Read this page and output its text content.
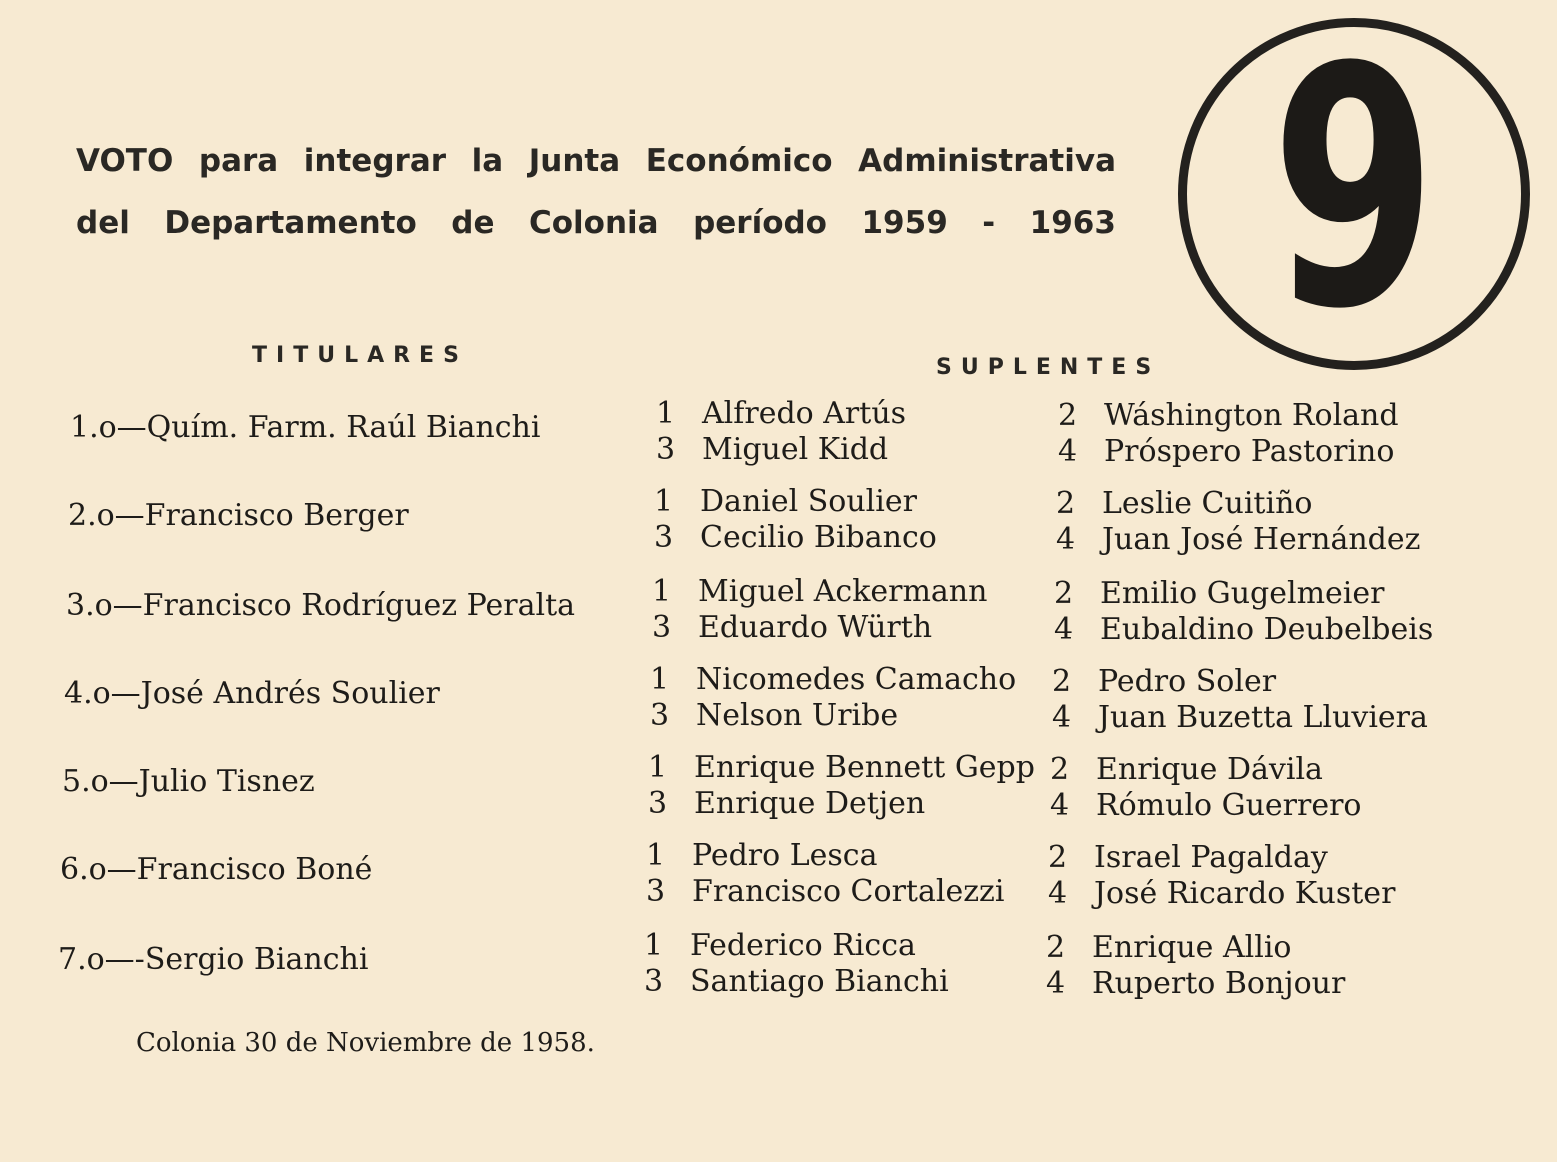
VOTO para integrar la Junta Económico Administrativa
del Departamento de Colonia período 1959 - 1963 9
TITULARES	SUPLENTES
1.o—Quím. Farm. Raúl Bianchi	1 Alfredo Artús	2 Wáshington Roland
3 Miguel Kidd	4 Próspero Pastorino
2.o—Francisco Berger	1 Daniel Soulier	2 Leslie Cuitiño
3 Cecilio Bibanco	4 Juan José Hernández
3.o—Francisco Rodríguez Peralta	1 Miguel Ackermann 2 Emilio Gugelmeier
3 Eduardo Würth	4 Eubaldino Deubelbeis
4.o—José Andrés Soulier	1 Nicomedes Camacho 2 Pedro Soler
3 Nelson Uribe	4 Juan Buzetta Lluviera
5.o—Julio Tisnez	1 Enrique Bennett Gepp 2 Enrique Dávila
3 Enrique Detjen	4 Rómulo Guerrero
6.o—Francisco Boné	1 Pedro Lesca	2 Israel Pagalday
3 Francisco Cortalezzi 4 José Ricardo Kuster
7.o—-Sergio Bianchi	1 Federico Ricca	2 Enrique Allio
3 Santiago Bianchi	4 Ruperto Bonjour
Colonia 30 de Noviembre de 1958.
